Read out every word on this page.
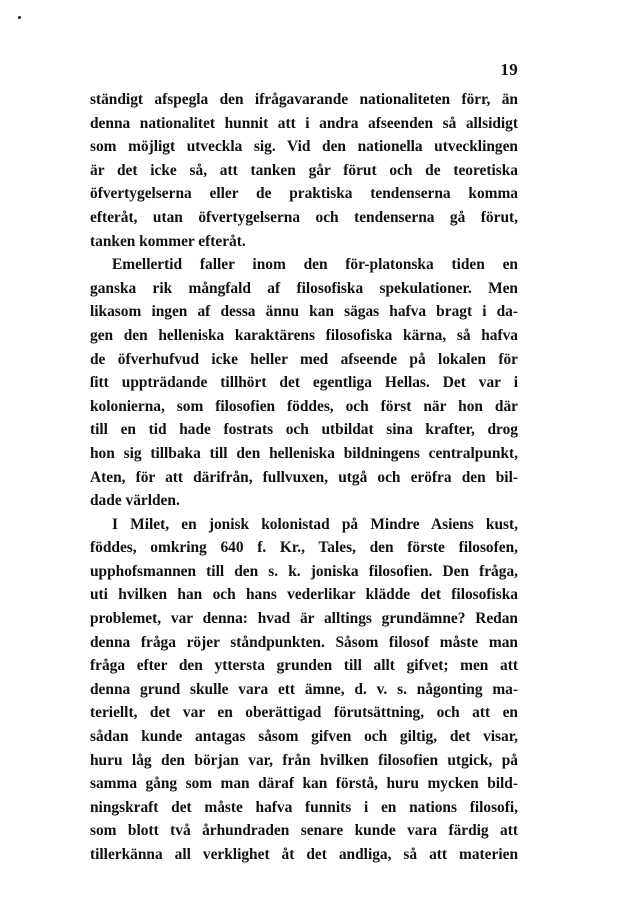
19
ständigt afspegla den ifrågavarande nationaliteten förr, än
denna nationalitet hunnit att i andra afseenden så allsidigt
som möjligt utveckla sig. Vid den nationella utvecklingen
är det icke så, att tanken går förut och de teoretiska
öfvertygelserna eller de praktiska tendenserna komma
efteråt, utan öfvertygelserna och tendenserna gå förut,
tanken kommer efteråt.
Emellertid faller inom den för-platonska tiden en
ganska rik mångfald af filosofiska spekulationer. Men
likasom ingen af dessa ännu kan sägas hafva bragt i da-
gen den helleniska karaktärens filosofiska kärna, så hafva
de öfverhufvud icke heller med afseende på lokalen för
ſitt uppträdande tillhört det egentliga Hellas. Det var i
kolonierna, som filosofien föddes, och först när hon där
till en tid hade fostrats och utbildat sina krafter, drog
hon sig tillbaka till den helleniska bildningens centralpunkt,
Aten, för att därifrån, fullvuxen, utgå och eröfra den bil-
dade världen.
I Milet, en jonisk kolonistad på Mindre Asiens kust,
föddes, omkring 640 f. Kr., Tales, den förste filosofen,
upphofsmannen till den s. k. joniska filosofien. Den fråga,
uti hvilken han och hans vederlikar klädde det filosofiska
problemet, var denna: hvad är alltings grundämne? Redan
denna fråga röjer ståndpunkten. Såsom filosof måste man
fråga efter den yttersta grunden till allt gifvet; men att
denna grund skulle vara ett ämne, d. v. s. någonting ma-
teriellt, det var en oberättigad förutsättning, och att en
sådan kunde antagas såsom gifven och giltig, det visar,
huru låg den början var, från hvilken filosofien utgick, på
samma gång som man däraf kan förstå, huru mycken bild-
ningskraft det måste hafva funnits i en nations filosofi,
som blott två århundraden senare kunde vara färdig att
tillerkänna all verklighet åt det andliga, så att materien
